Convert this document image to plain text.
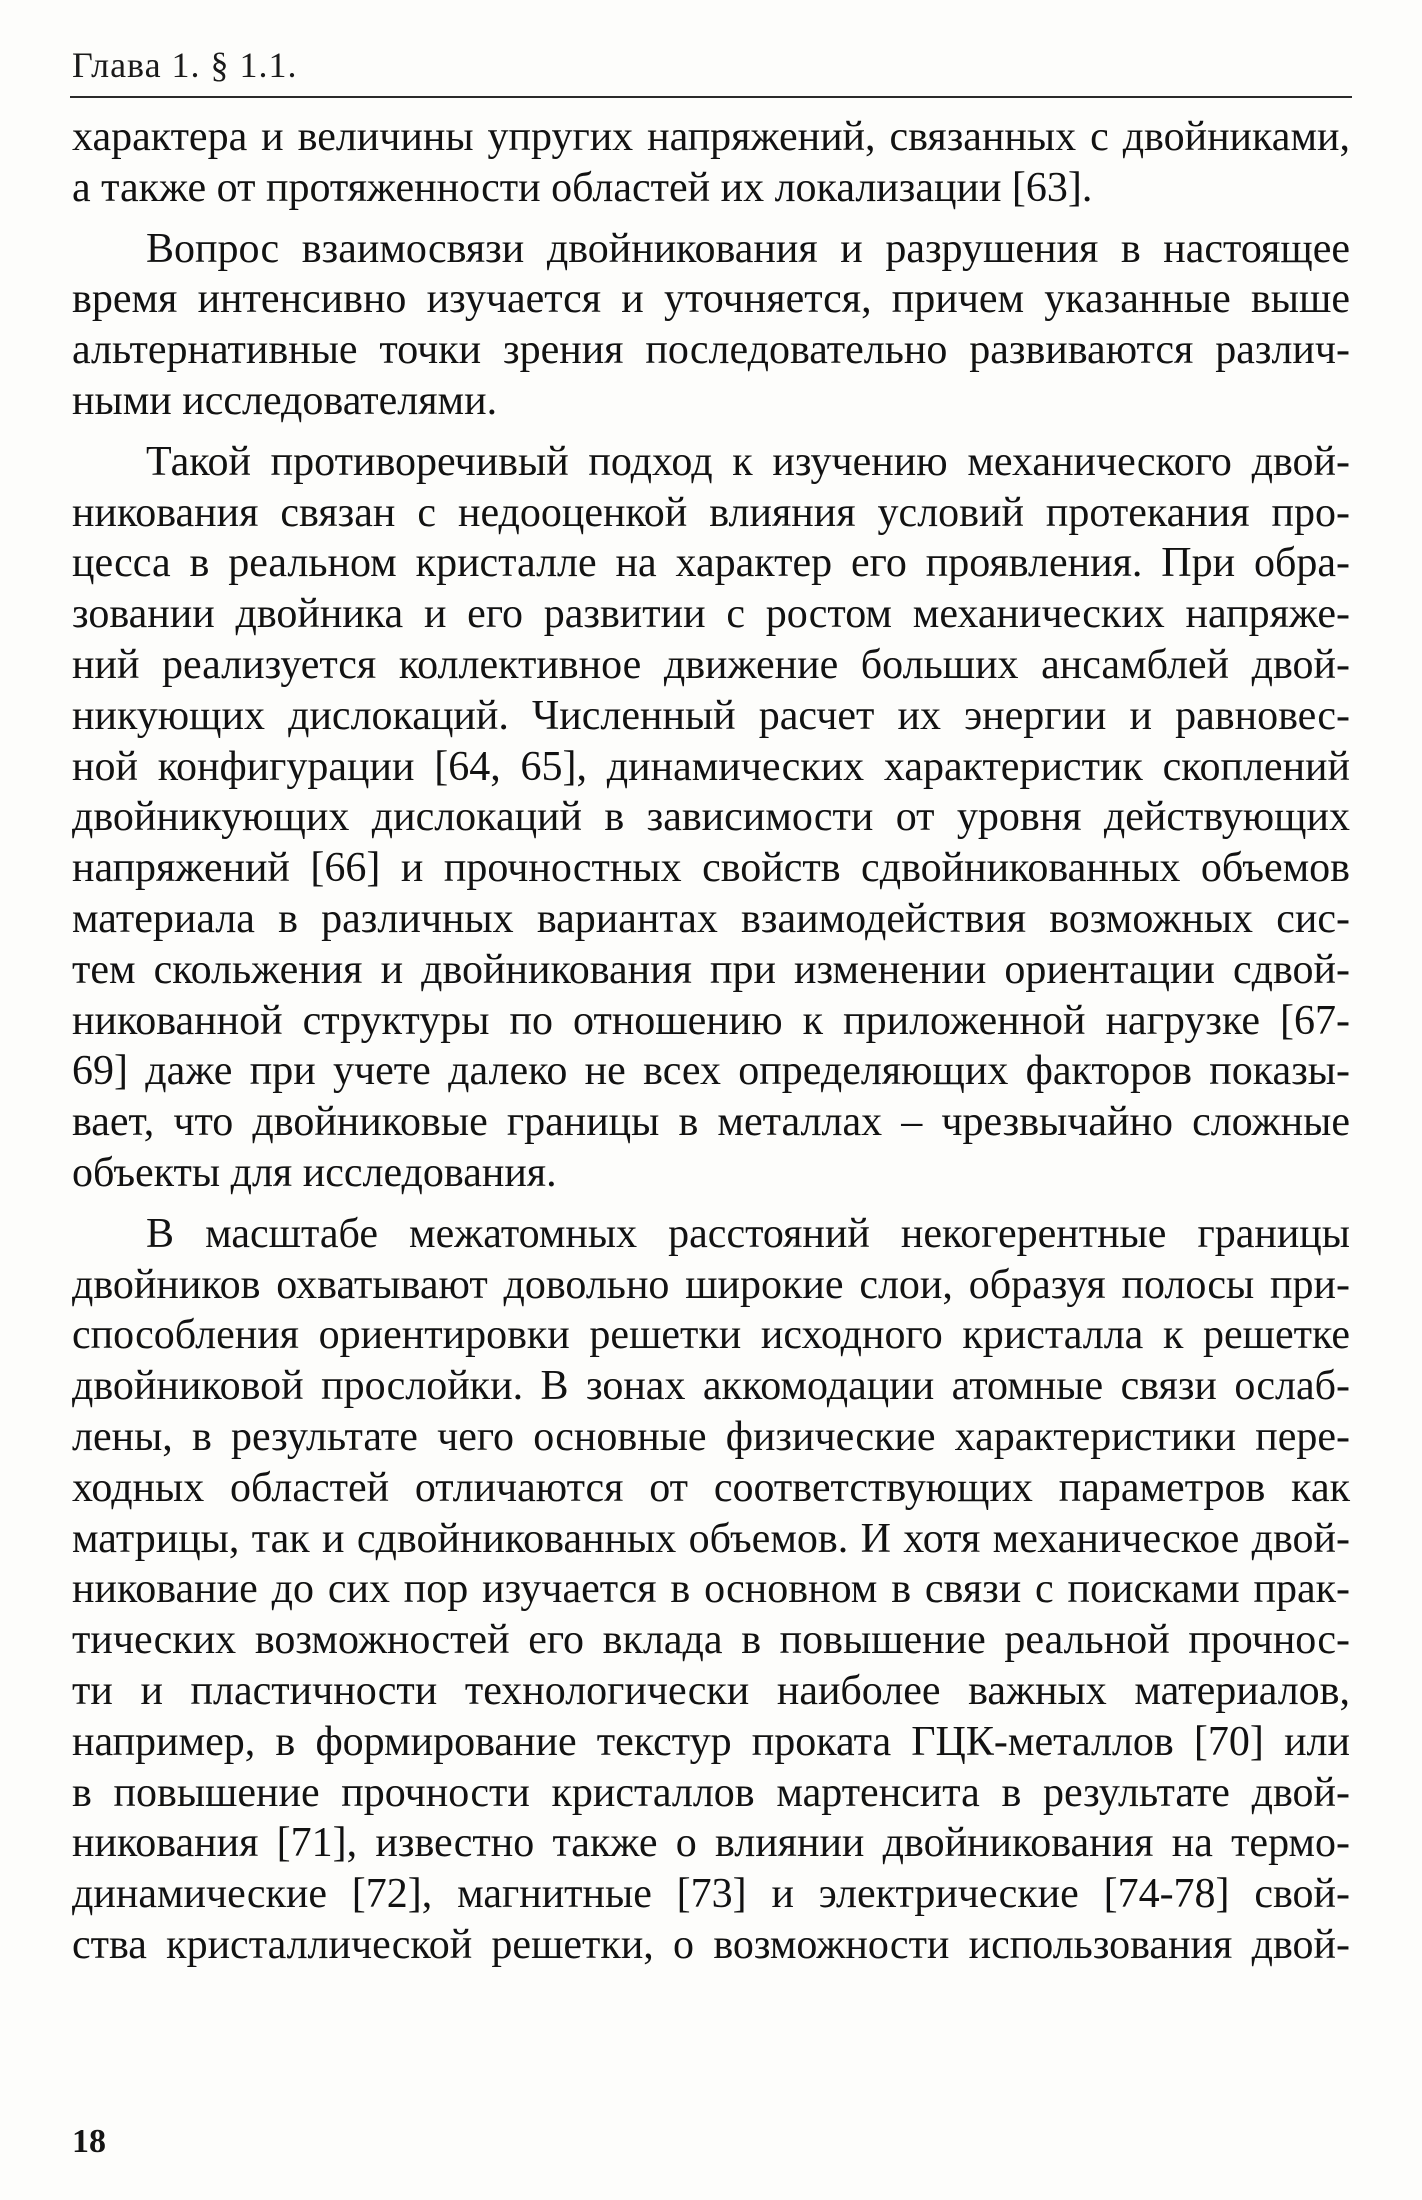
Глава 1. § 1.1.
характера и величины упругих напряжений, связанных с двойниками,
а также от протяженности областей их локализации [63].
Вопрос взаимосвязи двойникования и разрушения в настоящее
время интенсивно изучается и уточняется, причем указанные выше
альтернативные точки зрения последовательно развиваются различ-
ными исследователями.
Такой противоречивый подход к изучению механического двой-
никования связан с недооценкой влияния условий протекания про-
цесса в реальном кристалле на характер его проявления. При обра-
зовании двойника и его развитии с ростом механических напряже-
ний реализуется коллективное движение больших ансамблей двой-
никующих дислокаций. Численный расчет их энергии и равновес-
ной конфигурации [64, 65], динамических характеристик скоплений
двойникующих дислокаций в зависимости от уровня действующих
напряжений [66] и прочностных свойств сдвойникованных объемов
материала в различных вариантах взаимодействия возможных сис-
тем скольжения и двойникования при изменении ориентации сдвой-
никованной структуры по отношению к приложенной нагрузке [67-
69] даже при учете далеко не всех определяющих факторов показы-
вает, что двойниковые границы в металлах – чрезвычайно сложные
объекты для исследования.
В масштабе межатомных расстояний некогерентные границы
двойников охватывают довольно широкие слои, образуя полосы при-
способления ориентировки решетки исходного кристалла к решетке
двойниковой прослойки. В зонах аккомодации атомные связи ослаб-
лены, в результате чего основные физические характеристики пере-
ходных областей отличаются от соответствующих параметров как
матрицы, так и сдвойникованных объемов. И хотя механическое двой-
никование до сих пор изучается в основном в связи с поисками прак-
тических возможностей его вклада в повышение реальной прочнос-
ти и пластичности технологически наиболее важных материалов,
например, в формирование текстур проката ГЦК-металлов [70] или
в повышение прочности кристаллов мартенсита в результате двой-
никования [71], известно также о влиянии двойникования на термо-
динамические [72], магнитные [73] и электрические [74-78] свой-
ства кристаллической решетки, о возможности использования двой-
18
